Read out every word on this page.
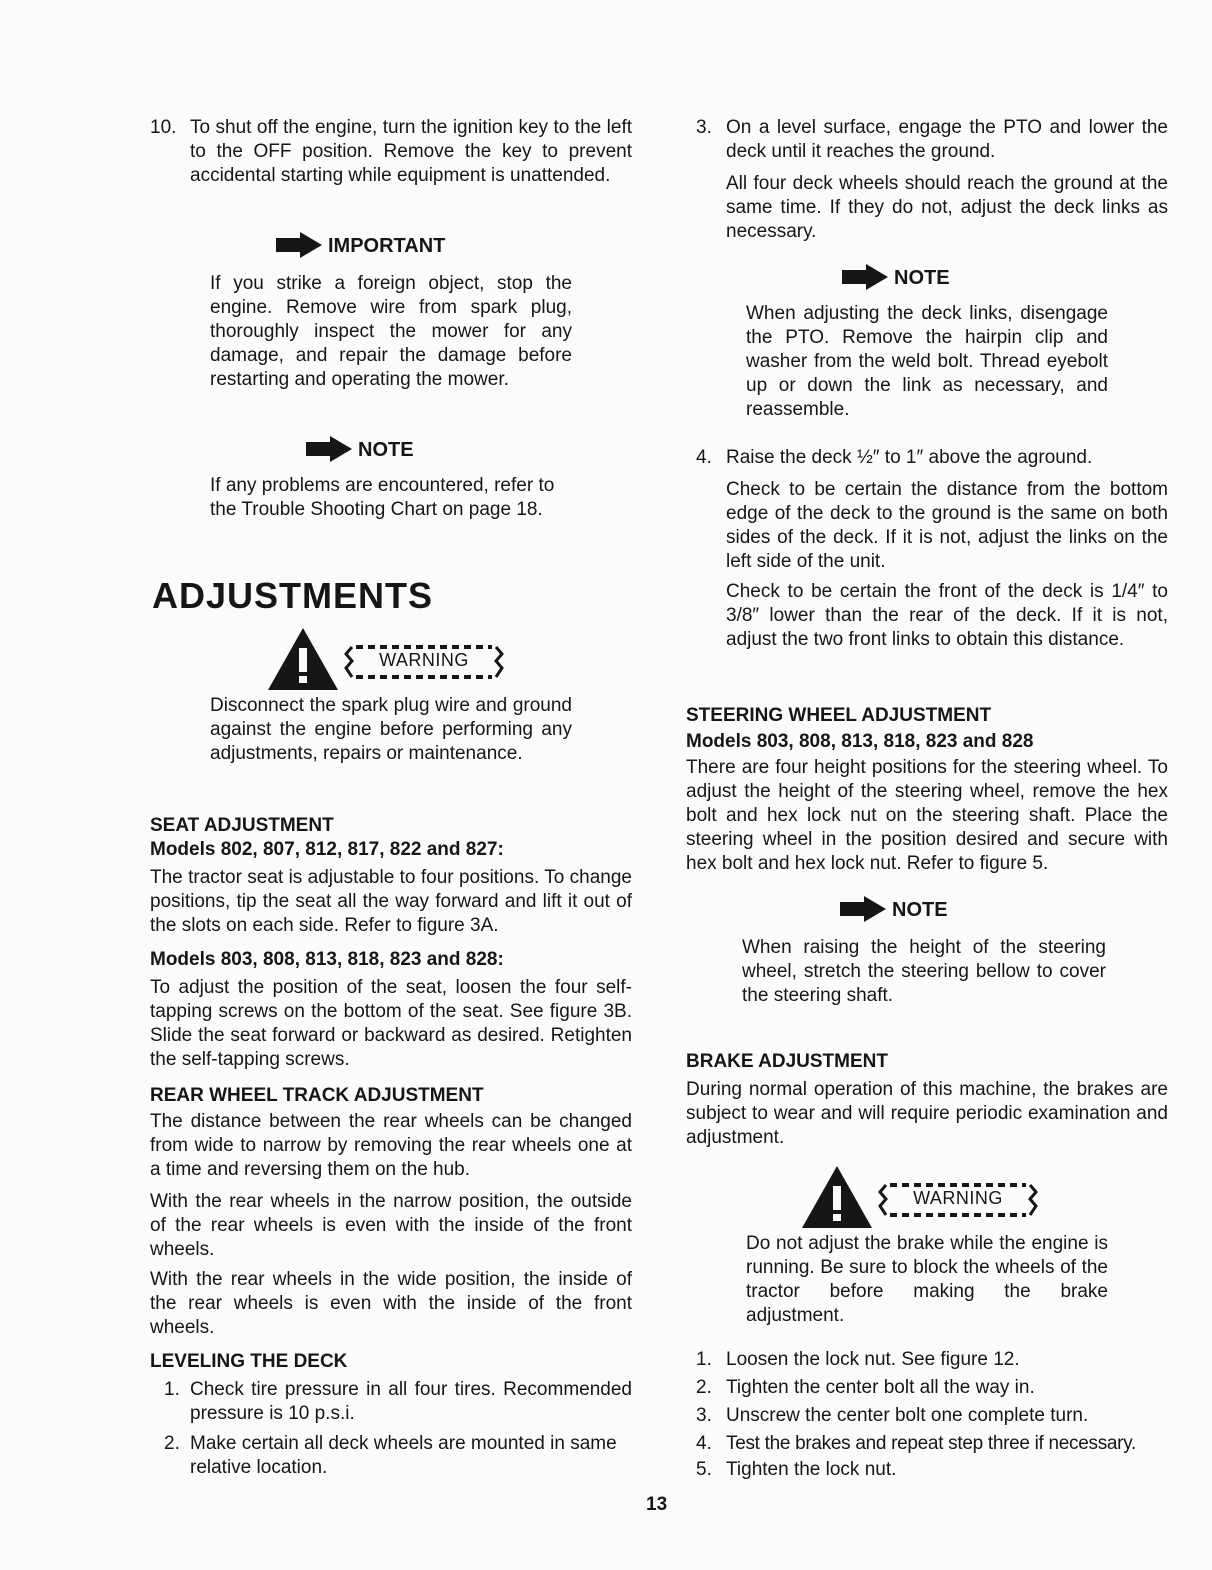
10. To shut off the engine, turn the ignition key to the left to the OFF position. Remove the key to prevent accidental starting while equipment is unattended.
IMPORTANT
If you strike a foreign object, stop the engine. Remove wire from spark plug, thoroughly inspect the mower for any damage, and repair the damage before restarting and operating the mower.
NOTE
If any problems are encountered, refer to the Trouble Shooting Chart on page 18.
ADJUSTMENTS
WARNING
Disconnect the spark plug wire and ground against the engine before performing any adjustments, repairs or maintenance.
SEAT ADJUSTMENT
Models 802, 807, 812, 817, 822 and 827:
The tractor seat is adjustable to four positions. To change positions, tip the seat all the way forward and lift it out of the slots on each side. Refer to figure 3A.
Models 803, 808, 813, 818, 823 and 828:
To adjust the position of the seat, loosen the four self-tapping screws on the bottom of the seat. See figure 3B. Slide the seat forward or backward as desired. Retighten the self-tapping screws.
REAR WHEEL TRACK ADJUSTMENT
The distance between the rear wheels can be changed from wide to narrow by removing the rear wheels one at a time and reversing them on the hub.
With the rear wheels in the narrow position, the outside of the rear wheels is even with the inside of the front wheels.
With the rear wheels in the wide position, the inside of the rear wheels is even with the inside of the front wheels.
LEVELING THE DECK
1. Check tire pressure in all four tires. Recommended pressure is 10 p.s.i.
2. Make certain all deck wheels are mounted in same relative location.
3. On a level surface, engage the PTO and lower the deck until it reaches the ground.
All four deck wheels should reach the ground at the same time. If they do not, adjust the deck links as necessary.
NOTE
When adjusting the deck links, disengage the PTO. Remove the hairpin clip and washer from the weld bolt. Thread eyebolt up or down the link as necessary, and reassemble.
4. Raise the deck ½″ to 1″ above the aground.
Check to be certain the distance from the bottom edge of the deck to the ground is the same on both sides of the deck. If it is not, adjust the links on the left side of the unit.
Check to be certain the front of the deck is 1/4″ to 3/8″ lower than the rear of the deck. If it is not, adjust the two front links to obtain this distance.
STEERING WHEEL ADJUSTMENT
Models 803, 808, 813, 818, 823 and 828
There are four height positions for the steering wheel. To adjust the height of the steering wheel, remove the hex bolt and hex lock nut on the steering shaft. Place the steering wheel in the position desired and secure with hex bolt and hex lock nut. Refer to figure 5.
NOTE
When raising the height of the steering wheel, stretch the steering bellow to cover the steering shaft.
BRAKE ADJUSTMENT
During normal operation of this machine, the brakes are subject to wear and will require periodic examination and adjustment.
WARNING
Do not adjust the brake while the engine is running. Be sure to block the wheels of the tractor before making the brake adjustment.
1. Loosen the lock nut. See figure 12.
2. Tighten the center bolt all the way in.
3. Unscrew the center bolt one complete turn.
4. Test the brakes and repeat step three if necessary.
5. Tighten the lock nut.
13
